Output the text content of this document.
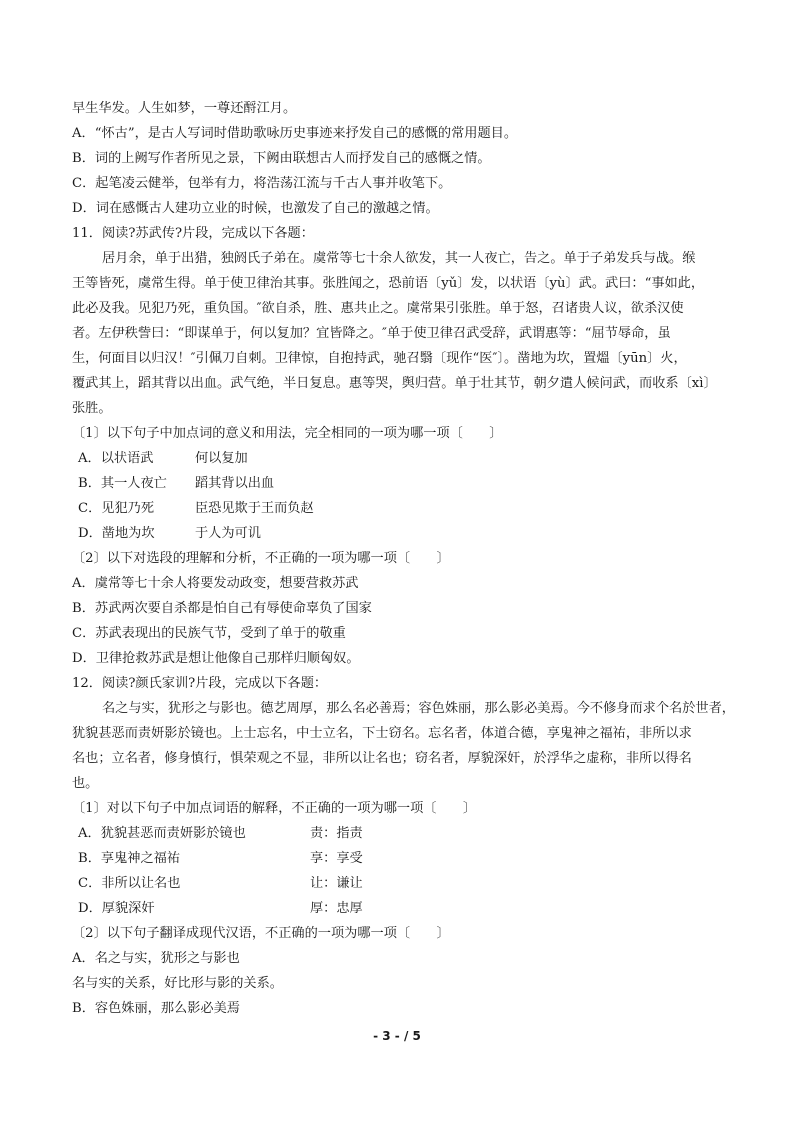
早生华发。人生如梦，一尊还酹江月。
A．“怀古”，是古人写词时借助歌咏历史事迹来抒发自己的感慨的常用题目。
B．词的上阙写作者所见之景，下阙由联想古人而抒发自己的感慨之情。
C．起笔凌云健举，包举有力，将浩荡江流与千古人事并收笔下。
D．词在感慨古人建功立业的时候，也激发了自己的激越之情。
11．阅读?苏武传?片段，完成以下各题：
居月余，单于出猎，独阏氏子弟在。虞常等七十余人欲发，其一人夜亡，告之。单于子弟发兵与战。缑
王等皆死，虞常生得。单于使卫律治其事。张胜闻之，恐前语〔yǔ〕发，以状语〔yù〕武。武曰：“事如此，
此必及我。见犯乃死，重负国。″欲自杀，胜、惠共止之。虞常果引张胜。单于怒，召诸贵人议，欲杀汉使
者。左伊秩訾曰：“即谋单于，何以复加？宜皆降之。″单于使卫律召武受辞，武谓惠等：“屈节辱命，虽
生，何面目以归汉！″引佩刀自刺。卫律惊，自抱持武，驰召翳〔现作“医″〕。凿地为坎，置熅〔yūn〕火，
覆武其上，蹈其背以出血。武气绝，半日复息。惠等哭，舆归营。单于壮其节，朝夕遣人候问武，而收系〔xì〕
张胜。
〔1〕以下句子中加点词的意义和用法，完全相同的一项为哪一项〔　　〕
A．以状语武	何以复加
B．其一人夜亡 蹈其背以出血
C．见犯乃死	臣恐见欺于王而负赵
D．凿地为坎	于人为可讥
〔2〕以下对选段的理解和分析，不正确的一项为哪一项〔　　〕
A．虞常等七十余人将要发动政变，想要营救苏武
B．苏武两次要自杀都是怕自己有辱使命辜负了国家
C．苏武表现出的民族气节，受到了单于的敬重
D．卫律抢救苏武是想让他像自己那样归顺匈奴。
12．阅读?颜氏家训?片段，完成以下各题：
名之与实，犹形之与影也。德艺周厚，那么名必善焉；容色姝丽，那么影必美焉。今不修身而求个名於世者，
犹貌甚恶而责妍影於镜也。上士忘名，中士立名，下士窃名。忘名者，体道合德，享鬼神之福祐，非所以求
名也；立名者，修身慎行，惧荣观之不显，非所以让名也；窃名者，厚貌深奸，於浮华之虚称，非所以得名
也。
〔1〕对以下句子中加点词语的解释，不正确的一项为哪一项〔　　〕
A．犹貌甚恶而责妍影於镜也	责：指责
B．享鬼神之福祐	享：享受
C．非所以让名也	让：谦让
D．厚貌深奸	厚：忠厚
〔2〕以下句子翻译成现代汉语，不正确的一项为哪一项〔　　〕
A．名之与实，犹形之与影也
名与实的关系，好比形与影的关系。
B．容色姝丽，那么影必美焉
- 3 - / 5
